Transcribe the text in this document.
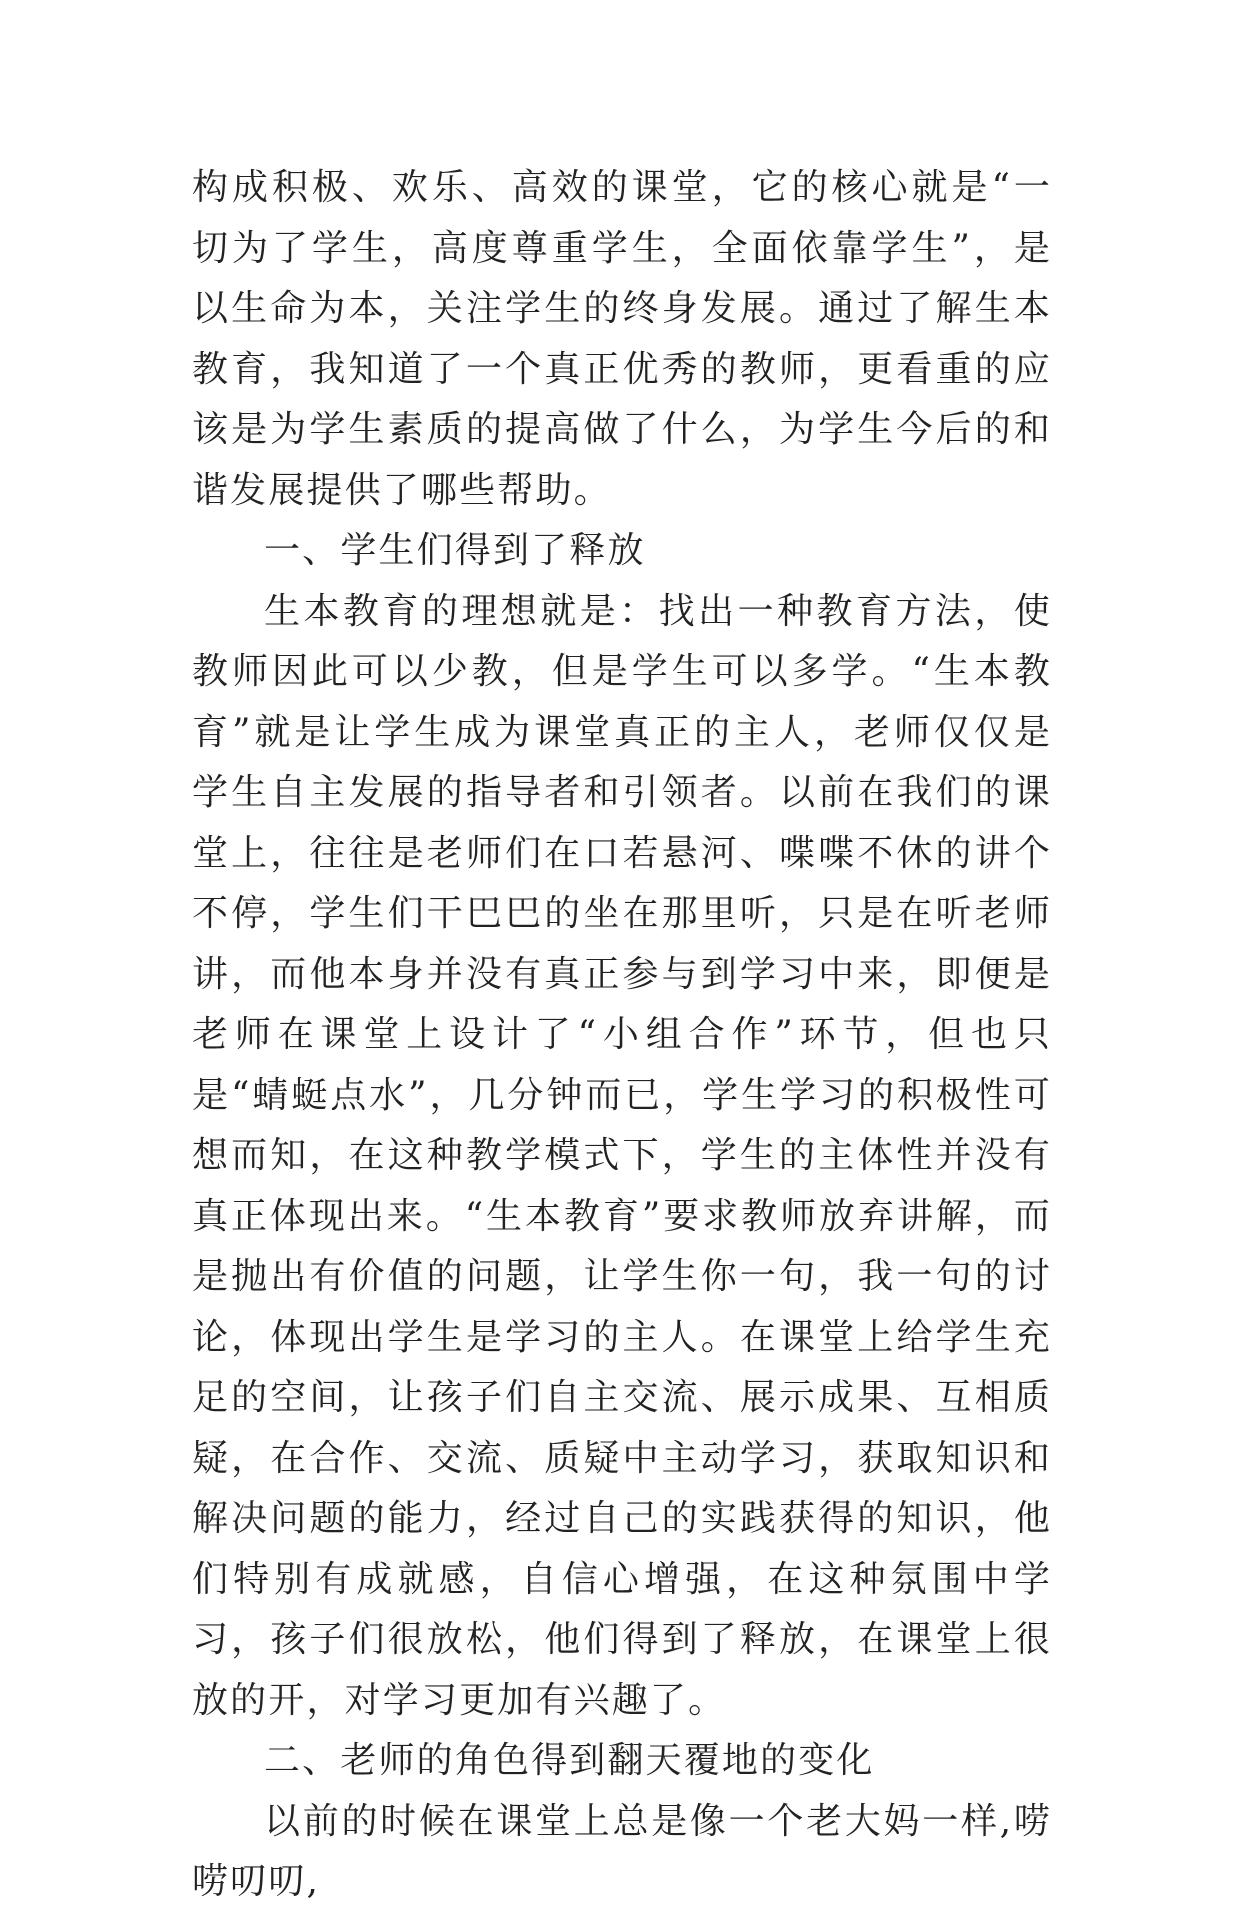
构成积极、欢乐、高效的课堂，它的核心就是“一切为了学生，高度尊重学生，全面依靠学生”，是以生命为本，关注学生的终身发展。通过了解生本教育，我知道了一个真正优秀的教师，更看重的应该是为学生素质的提高做了什么，为学生今后的和谐发展提供了哪些帮助。

一、学生们得到了释放

生本教育的理想就是：找出一种教育方法，使教师因此可以少教，但是学生可以多学。“生本教育”就是让学生成为课堂真正的主人，老师仅仅是学生自主发展的指导者和引领者。以前在我们的课堂上，往往是老师们在口若悬河、喋喋不休的讲个不停，学生们干巴巴的坐在那里听，只是在听老师讲，而他本身并没有真正参与到学习中来，即便是老师在课堂上设计了“小组合作”环节，但也只是“蜻蜓点水”，几分钟而已，学生学习的积极性可想而知，在这种教学模式下，学生的主体性并没有真正体现出来。“生本教育”要求教师放弃讲解，而是抛出有价值的问题，让学生你一句，我一句的讨论，体现出学生是学习的主人。在课堂上给学生充足的空间，让孩子们自主交流、展示成果、互相质疑，在合作、交流、质疑中主动学习，获取知识和解决问题的能力，经过自己的实践获得的知识，他们特别有成就感，自信心增强，在这种氛围中学习，孩子们很放松，他们得到了释放，在课堂上很放的开，对学习更加有兴趣了。

二、老师的角色得到翻天覆地的变化

以前的时候在课堂上总是像一个老大妈一样,唠唠叨叨,
